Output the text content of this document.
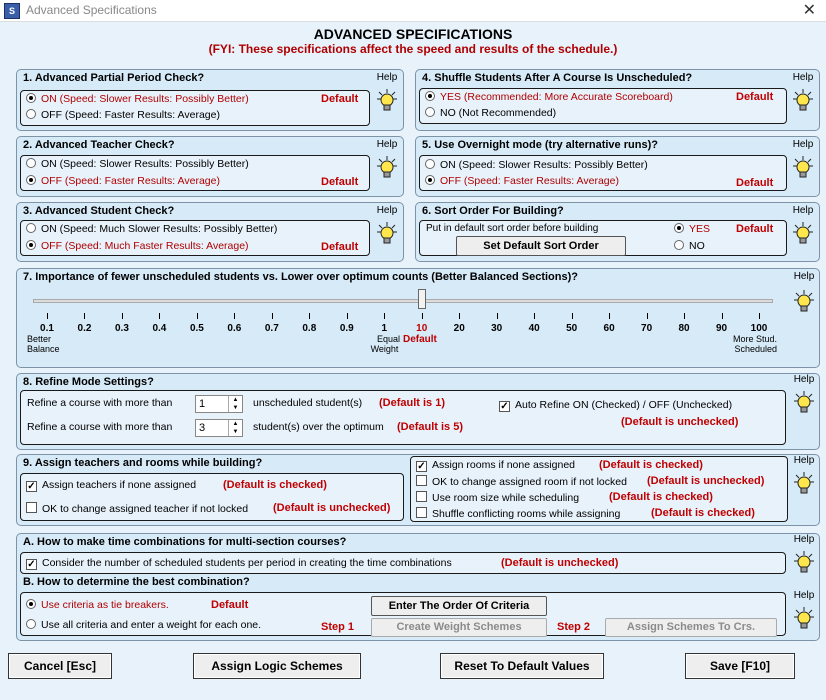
S Advanced Specifications	✕
ADVANCED SPECIFICATIONS
(FYI: These specifications affect the speed and results of the schedule.)
1. Advanced Partial Period Check?
ON (Speed: Slower Results: Possibly Better)	Default
OFF (Speed: Faster Results: Average)
Help	4. Shuffle Students After A Course Is Unscheduled?
YES (Recommended: More Accurate Scoreboard)	Default
NO (Not Recommended)
Help
2. Advanced Teacher Check?
ON (Speed: Slower Results: Possibly Better)
OFF (Speed: Faster Results: Average)	Default
Help	5. Use Overnight mode (try alternative runs)?
ON (Speed: Slower Results: Possibly Better)
OFF (Speed: Faster Results: Average)	Default
Help
3. Advanced Student Check?
ON (Speed: Much Slower Results: Possibly Better)
OFF (Speed: Much Faster Results: Average)	Default
Help	6. Sort Order For Building?
Put in default sort order before building
Set Default Sort Order
YES Default
NO
Help
7. Importance of fewer unscheduled students vs. Lower over optimum counts (Better Balanced Sections)?
0.1	0.2	0.3	0.4	0.5	0.6	0.7	0.8	0.9	1	10	20	30	40	50	60	70	80	90	100
Better
Balance
Equal
Weight
Default	More Stud.
Scheduled
Help
8. Refine Mode Settings?
Refine a course with more than 1	▲
▼	unscheduled student(s) (Default is 1)
Refine a course with more than 3	▲
▼	student(s) over the optimum (Default is 5)
✓ Auto Refine ON (Checked) / OFF (Unchecked)
(Default is unchecked)
Help
9. Assign teachers and rooms while building?
✓ Assign teachers if none assigned (Default is checked)
OK to change assigned teacher if not locked (Default is unchecked)
✓ Assign rooms if none assigned (Default is checked)
OK to change assigned room if not locked (Default is unchecked)
Use room size while scheduling	(Default is checked)
Shuffle conflicting rooms while assigning	(Default is checked)
Help
A. How to make time combinations for multi-section courses?
✓ Consider the number of scheduled students per period in creating the time combinations	(Default is unchecked)
B. How to determine the best combination?
Use criteria as tie breakers.	Default	Enter The Order Of Criteria
Use all criteria and enter a weight for each one.	Step 1	Create Weight Schemes	Step 2	Assign Schemes To Crs.
Help
Help
Cancel [Esc]	Assign Logic Schemes	Reset To Default Values	Save [F10]
